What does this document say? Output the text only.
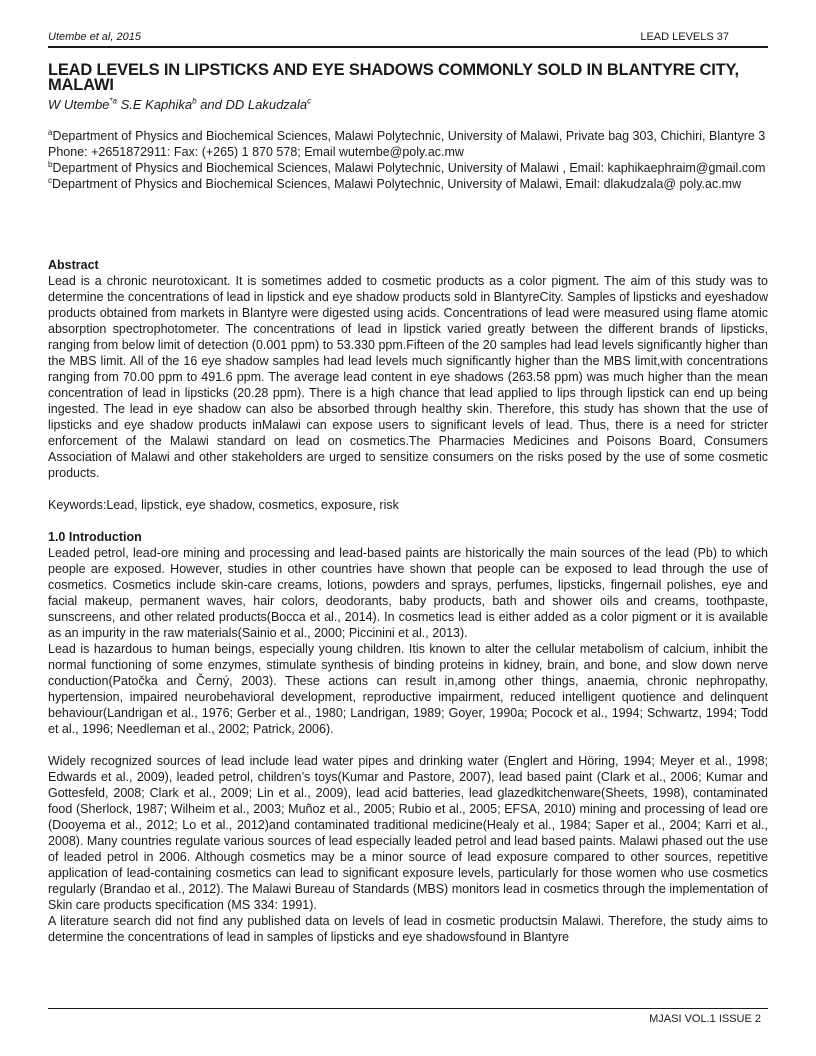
Utembe et al, 2015	LEAD LEVELS 37
LEAD LEVELS IN LIPSTICKS AND EYE SHADOWS COMMONLY SOLD IN BLANTYRE CITY, MALAWI
W Utembe$^{*a}$ S.E Kaphika$^b$ and DD Lakudzala$^c$

$^a$Department of Physics and Biochemical Sciences, Malawi Polytechnic, University of Malawi, Private bag 303, Chichiri, Blantyre 3

Phone: +2651872911: Fax: (+265) 1 870 578; Email wutembe@poly.ac.mw

$^b$Department of Physics and Biochemical Sciences, Malawi Polytechnic, University of Malawi , Email: kaphikaephraim@gmail.com

$^c$Department of Physics and Biochemical Sciences, Malawi Polytechnic, University of Malawi, Email: dlakudzala@ poly.ac.mw

Abstract

Lead is a chronic neurotoxicant. It is sometimes added to cosmetic products as a color pigment. The aim of this study was to determine the concentrations of lead in lipstick and eye shadow products sold in BlantyreCity. Samples of lipsticks and eyeshadow products obtained from markets in Blantyre were digested using acids. Concentrations of lead were measured using flame atomic absorption spectrophotometer. The concentrations of lead in lipstick varied greatly between the different brands of lipsticks, ranging from below limit of detection (0.001 ppm) to 53.330 ppm.Fifteen of the 20 samples had lead levels significantly higher than the MBS limit. All of the 16 eye shadow samples had lead levels much significantly higher than the MBS limit,with concentrations ranging from 70.00 ppm to 491.6 ppm. The average lead content in eye shadows (263.58 ppm) was much higher than the mean concentration of lead in lipsticks (20.28 ppm). There is a high chance that lead applied to lips through lipstick can end up being ingested. The lead in eye shadow can also be absorbed through healthy skin. Therefore, this study has shown that the use of lipsticks and eye shadow products inMalawi can expose users to significant levels of lead. Thus, there is a need for stricter enforcement of the Malawi standard on lead on cosmetics.The Pharmacies Medicines and Poisons Board, Consumers Association of Malawi and other stakeholders are urged to sensitize consumers on the risks posed by the use of some cosmetic products.

Keywords:Lead, lipstick, eye shadow, cosmetics, exposure, risk

1.0 Introduction

Leaded petrol, lead-ore mining and processing and lead-based paints are historically the main sources of the lead (Pb) to which people are exposed. However, studies in other countries have shown that people can be exposed to lead through the use of cosmetics. Cosmetics include skin-care creams, lotions, powders and sprays, perfumes, lipsticks, fingernail polishes, eye and facial makeup, permanent waves, hair colors, deodorants, baby products, bath and shower oils and creams, toothpaste, sunscreens, and other related products(Bocca et al., 2014). In cosmetics lead is either added as a color pigment or it is available as an impurity in the raw materials(Sainio et al., 2000; Piccinini et al., 2013).

Lead is hazardous to human beings, especially young children. Itis known to alter the cellular metabolism of calcium, inhibit the normal functioning of some enzymes, stimulate synthesis of binding proteins in kidney, brain, and bone, and slow down nerve conduction(Patočka and Černý, 2003). These actions can result in,among other things, anaemia, chronic nephropathy, hypertension, impaired neurobehavioral development, reproductive impairment, reduced intelligent quotience and delinquent behaviour(Landrigan et al., 1976; Gerber et al., 1980; Landrigan, 1989; Goyer, 1990a; Pocock et al., 1994; Schwartz, 1994; Todd et al., 1996; Needleman et al., 2002; Patrick, 2006).

Widely recognized sources of lead include lead water pipes and drinking water (Englert and Höring, 1994; Meyer et al., 1998; Edwards et al., 2009), leaded petrol, children’s toys(Kumar and Pastore, 2007), lead based paint (Clark et al., 2006; Kumar and Gottesfeld, 2008; Clark et al., 2009; Lin et al., 2009), lead acid batteries, lead glazedkitchenware(Sheets, 1998), contaminated food (Sherlock, 1987; Wilheim et al., 2003; Muñoz et al., 2005; Rubio et al., 2005; EFSA, 2010) mining and processing of lead ore (Dooyema et al., 2012; Lo et al., 2012)and contaminated traditional medicine(Healy et al., 1984; Saper et al., 2004; Karri et al., 2008). Many countries regulate various sources of lead especially leaded petrol and lead based paints. Malawi phased out the use of leaded petrol in 2006. Although cosmetics may be a minor source of lead exposure compared to other sources, repetitive application of lead-containing cosmetics can lead to significant exposure levels, particularly for those women who use cosmetics regularly (Brandao et al., 2012). The Malawi Bureau of Standards (MBS) monitors lead in cosmetics through the implementation of Skin care products specification (MS 334: 1991).

A literature search did not find any published data on levels of lead in cosmetic productsin Malawi. Therefore, the study aims to determine the concentrations of lead in samples of lipsticks and eye shadowsfound in Blantyre

MJASI VOL.1 ISSUE 2
